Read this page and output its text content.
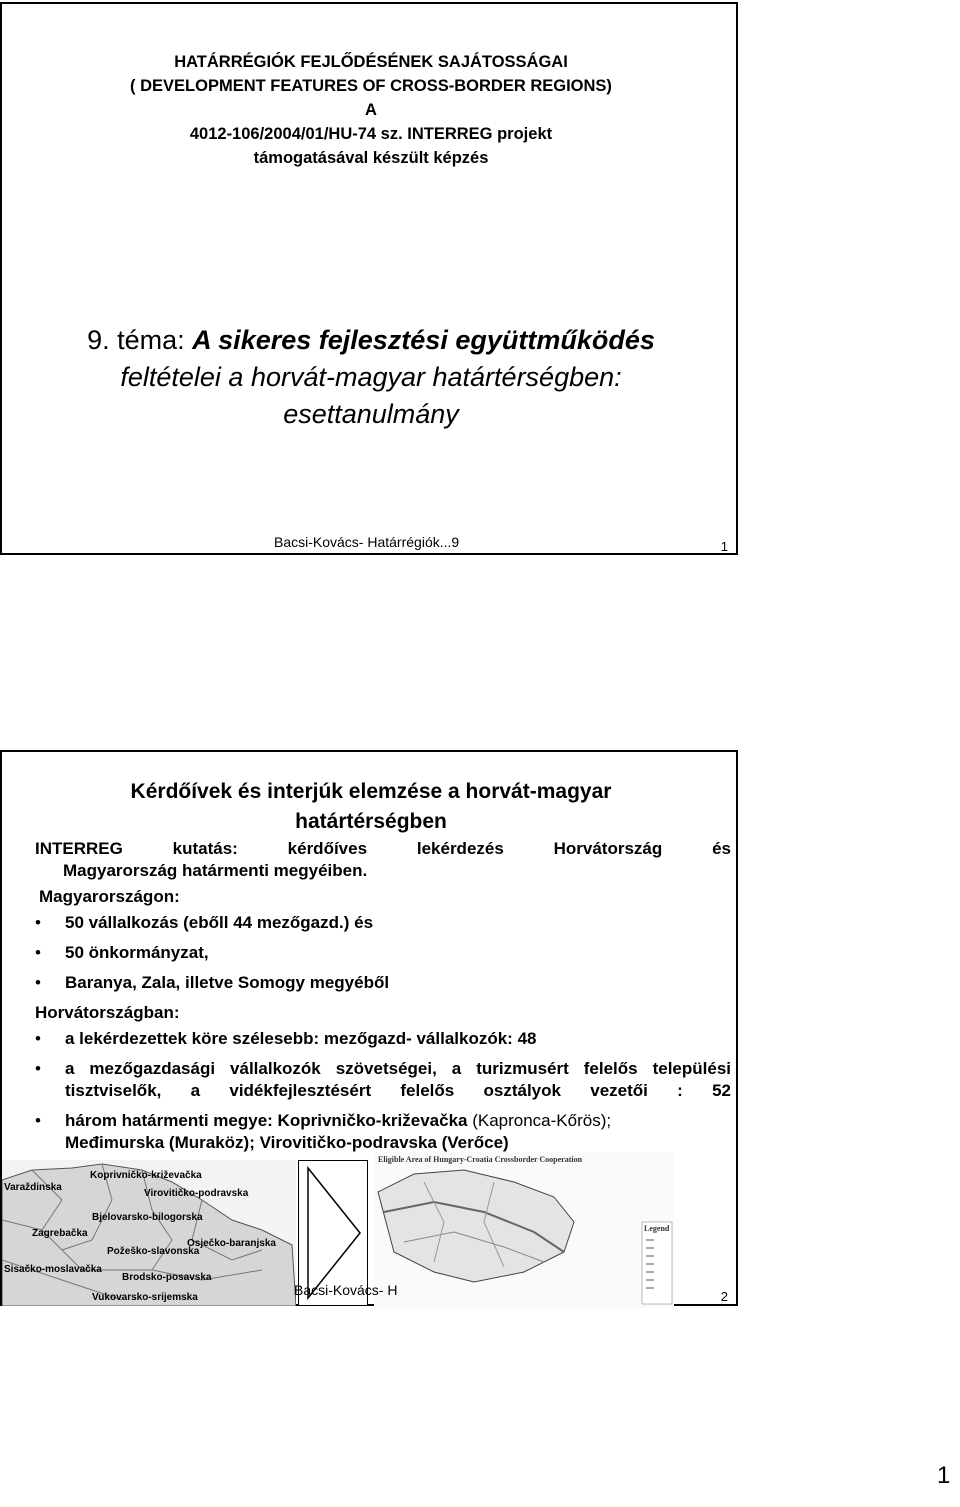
HATÁRRÉGIÓK FEJLŐDÉSÉNEK SAJÁTOSSÁGAI
( DEVELOPMENT FEATURES OF CROSS-BORDER REGIONS)
A
4012-106/2004/01/HU-74 sz. INTERREG projekt
támogatásával készült képzés
9. téma: A sikeres fejlesztési együttműködés
feltételei a horvát-magyar határtérségben:
esettanulmány
Bacsi-Kovács- Határrégiók...9	1
Kérdőívek és interjúk elemzése a horvát-magyar
határtérségben

INTERREG kutatás: kérdőíves lekérdezés Horvátország és

Magyarország határmenti megyéiben.

Magyarországon:

• 50 vállalkozás (ebőll 44 mezőgazd.) és
• 50 önkormányzat,
• Baranya, Zala, illetve Somogy megyéből

Horvátországban:

• a lekérdezettek köre szélesebb: mezőgazd- vállalkozók: 48
• a mezőgazdasági vállalkozók szövetségei, a turizmusért felelős települési tisztviselők, a vidékfejlesztésért felelős osztályok vezetői : 52
• három határmenti megye: Koprivničko-križevačka (Kapronca-Kőrös);
Međimurska (Muraköz); Virovitičko-podravska (Verőce)
Koprivničko-križevačka
Varaždinska
Virovitičko-podravska
Bjelovarsko-bilogorska
Zagrebačka
Požeško-slavonska
Osječko-baranjska
Sisačko-moslavačka
Brodsko-posavska
Vukovarsko-srijemska
Eligible Area of Hungary-Croatia Crossborder Cooperation
Legend
Bacsi-Kovács- H	2
1
